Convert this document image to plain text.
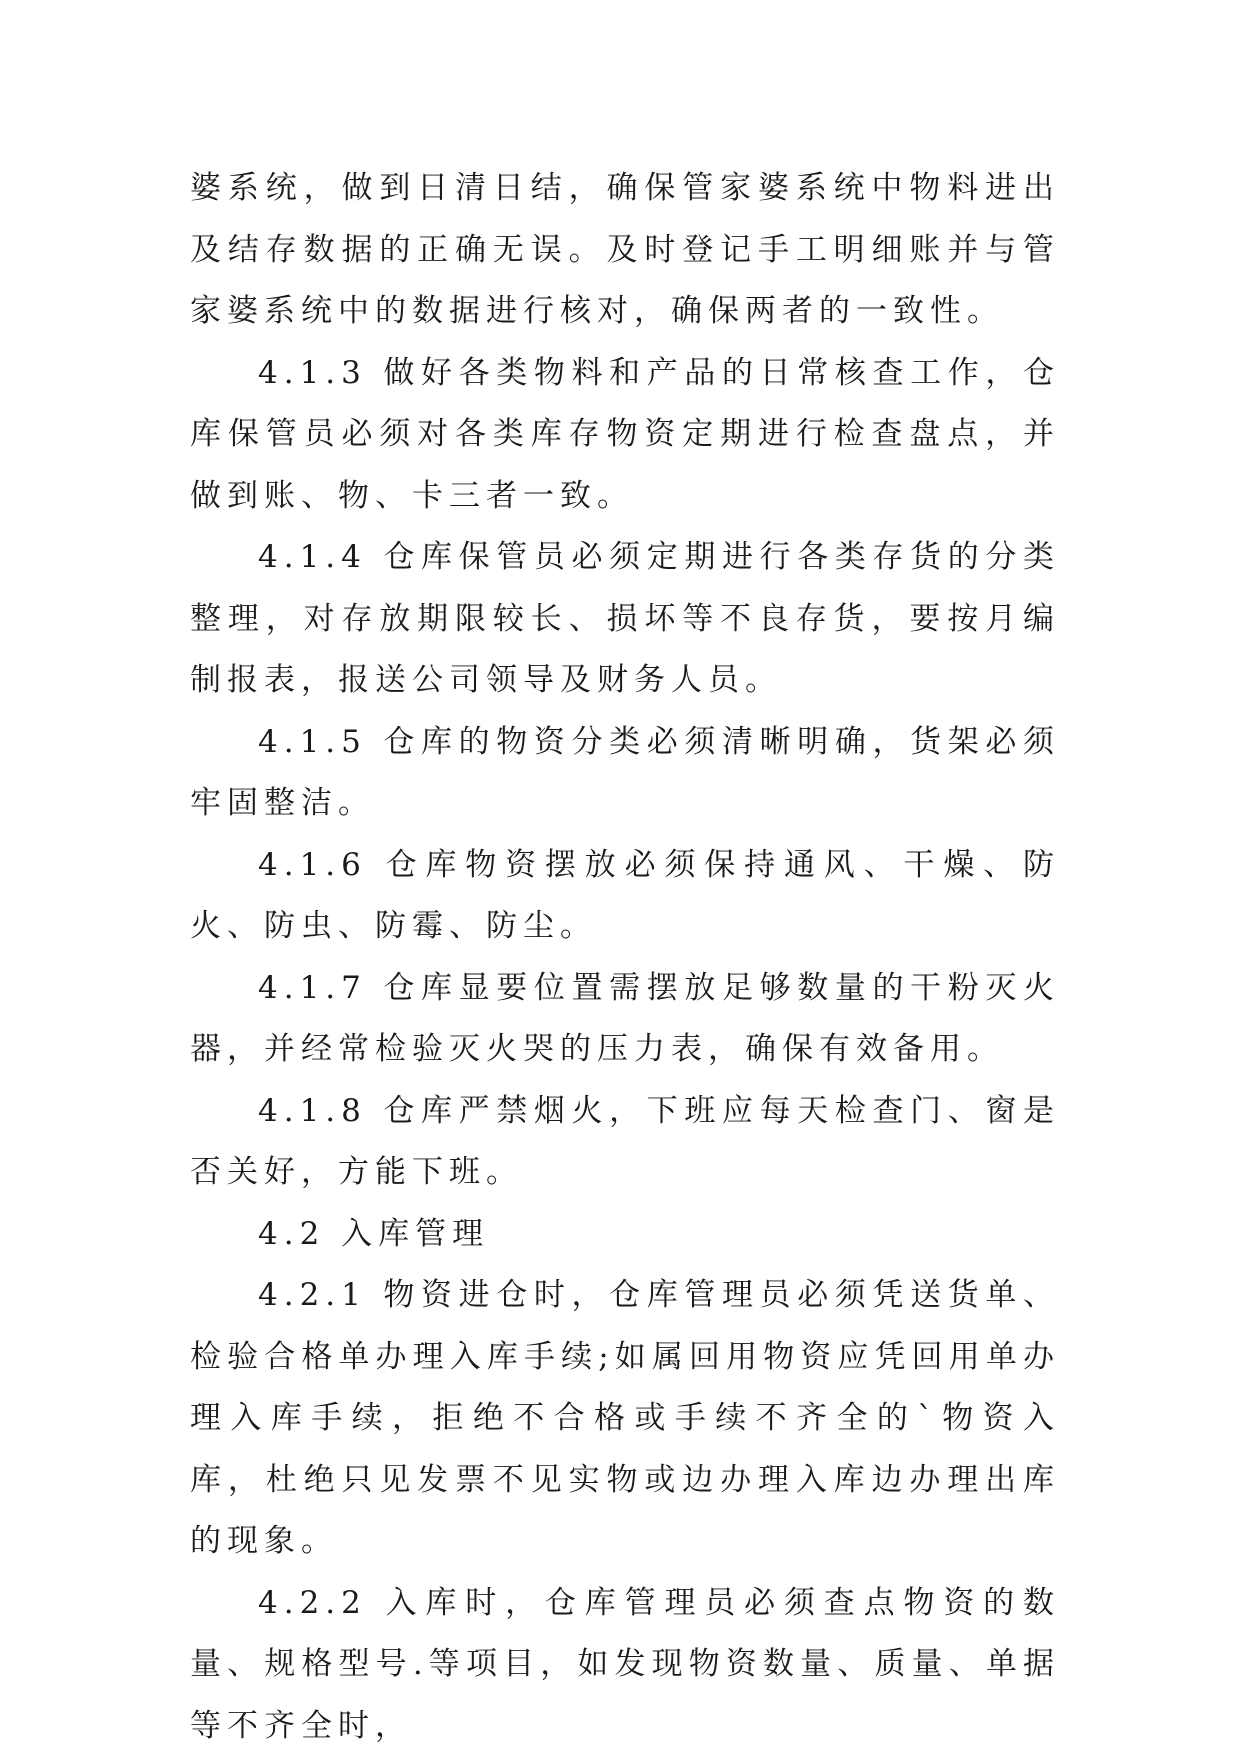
婆系统，做到日清日结，确保管家婆系统中物料进出及结存数据的正确无误。及时登记手工明细账并与管家婆系统中的数据进行核对，确保两者的一致性。

4.1.3 做好各类物料和产品的日常核查工作，仓库保管员必须对各类库存物资定期进行检查盘点，并做到账、物、卡三者一致。

4.1.4 仓库保管员必须定期进行各类存货的分类整理，对存放期限较长、损坏等不良存货，要按月编制报表，报送公司领导及财务人员。

4.1.5 仓库的物资分类必须清晰明确，货架必须牢固整洁。

4.1.6 仓库物资摆放必须保持通风、干燥、防火、防虫、防霉、防尘。

4.1.7 仓库显要位置需摆放足够数量的干粉灭火器，并经常检验灭火哭的压力表，确保有效备用。

4.1.8 仓库严禁烟火，下班应每天检查门、窗是否关好，方能下班。

4.2 入库管理

4.2.1 物资进仓时，仓库管理员必须凭送货单、检验合格单办理入库手续;如属回用物资应凭回用单办理入库手续，拒绝不合格或手续不齐全的`物资入库，杜绝只见发票不见实物或边办理入库边办理出库的现象。

4.2.2 入库时，仓库管理员必须查点物资的数量、规格型号.等项目，如发现物资数量、质量、单据等不齐全时，
